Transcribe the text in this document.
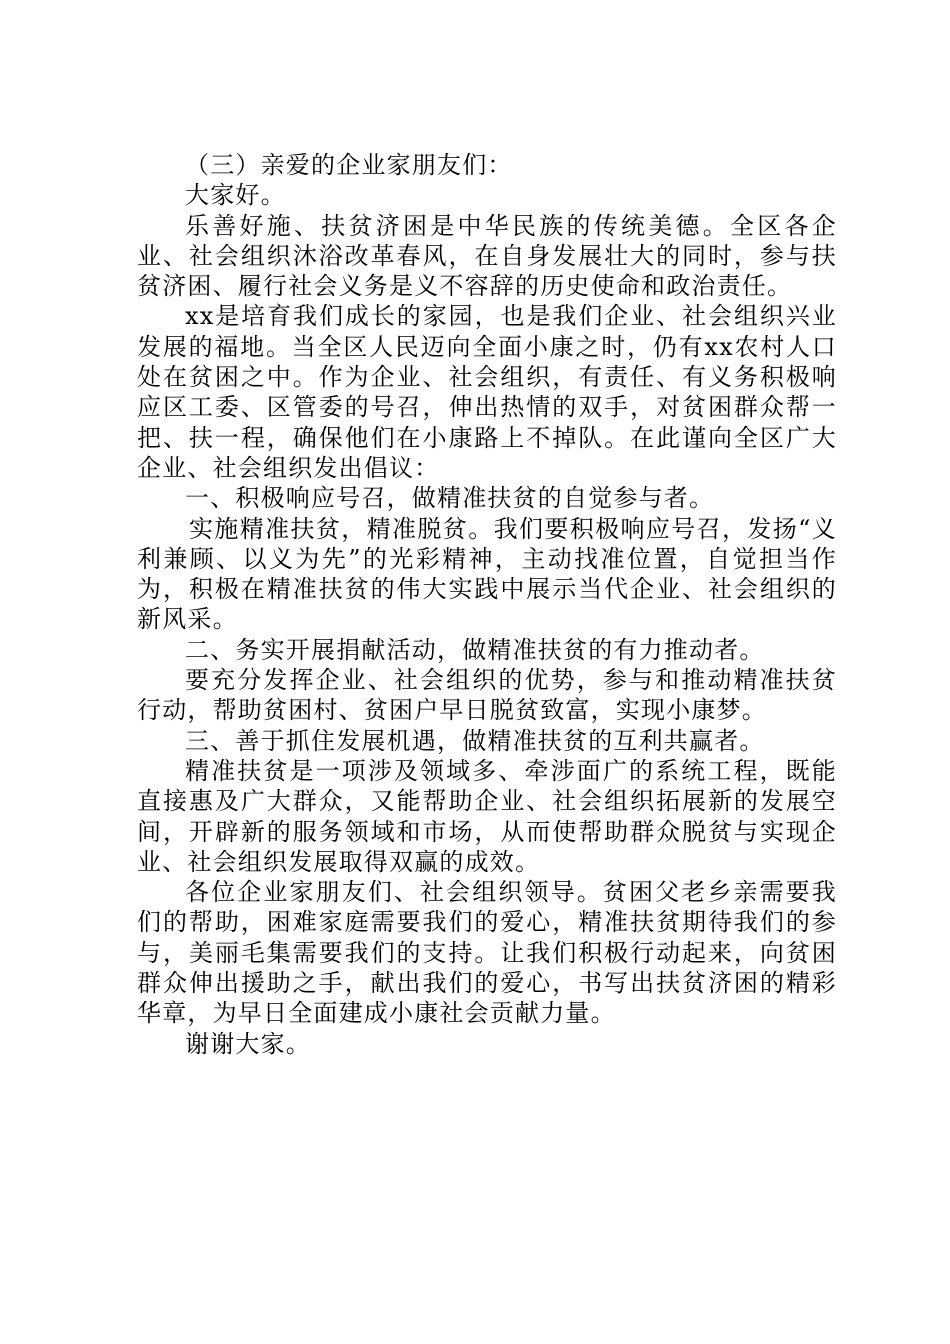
（三）亲爱的企业家朋友们：

大家好。

乐善好施、扶贫济困是中华民族的传统美德。全区各企业、社会组织沐浴改革春风，在自身发展壮大的同时，参与扶贫济困、履行社会义务是义不容辞的历史使命和政治责任。

xx是培育我们成长的家园，也是我们企业、社会组织兴业发展的福地。当全区人民迈向全面小康之时，仍有xx农村人口处在贫困之中。作为企业、社会组织，有责任、有义务积极响应区工委、区管委的号召，伸出热情的双手，对贫困群众帮一把、扶一程，确保他们在小康路上不掉队。在此谨向全区广大企业、社会组织发出倡议：

一、积极响应号召，做精准扶贫的自觉参与者。

实施精准扶贫，精准脱贫。我们要积极响应号召，发扬“义利兼顾、以义为先”的光彩精神，主动找准位置，自觉担当作为，积极在精准扶贫的伟大实践中展示当代企业、社会组织的新风采。

二、务实开展捐献活动，做精准扶贫的有力推动者。

要充分发挥企业、社会组织的优势，参与和推动精准扶贫行动，帮助贫困村、贫困户早日脱贫致富，实现小康梦。

三、善于抓住发展机遇，做精准扶贫的互利共赢者。

精准扶贫是一项涉及领域多、牵涉面广的系统工程，既能直接惠及广大群众，又能帮助企业、社会组织拓展新的发展空间，开辟新的服务领域和市场，从而使帮助群众脱贫与实现企业、社会组织发展取得双赢的成效。

各位企业家朋友们、社会组织领导。贫困父老乡亲需要我们的帮助，困难家庭需要我们的爱心，精准扶贫期待我们的参与，美丽毛集需要我们的支持。让我们积极行动起来，向贫困群众伸出援助之手，献出我们的爱心，书写出扶贫济困的精彩华章，为早日全面建成小康社会贡献力量。

谢谢大家。
